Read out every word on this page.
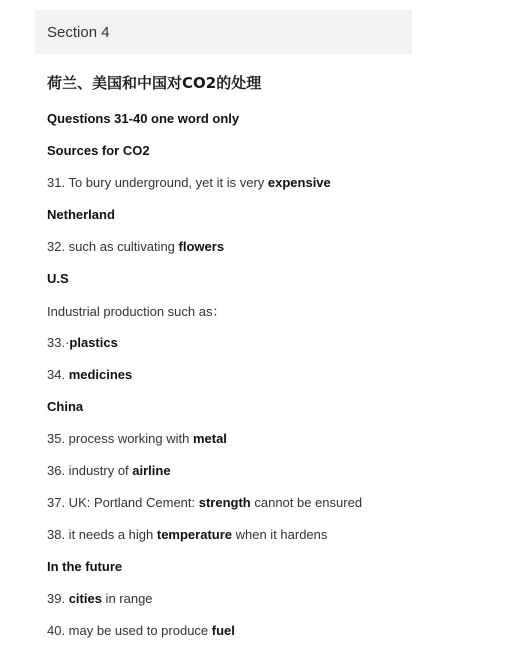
Section 4
荷兰、美国和中国对CO2的处理
Questions 31-40 one word only
Sources for CO2
31. To bury underground, yet it is very expensive
Netherland
32. such as cultivating flowers
U.S
Industrial production such as：
33.· plastics
34. medicines
China
35. process working with metal
36. industry of airline
37. UK: Portland Cement: strength cannot be ensured
38. it needs a high temperature when it hardens
In the future
39. cities in range
40. may be used to produce fuel
